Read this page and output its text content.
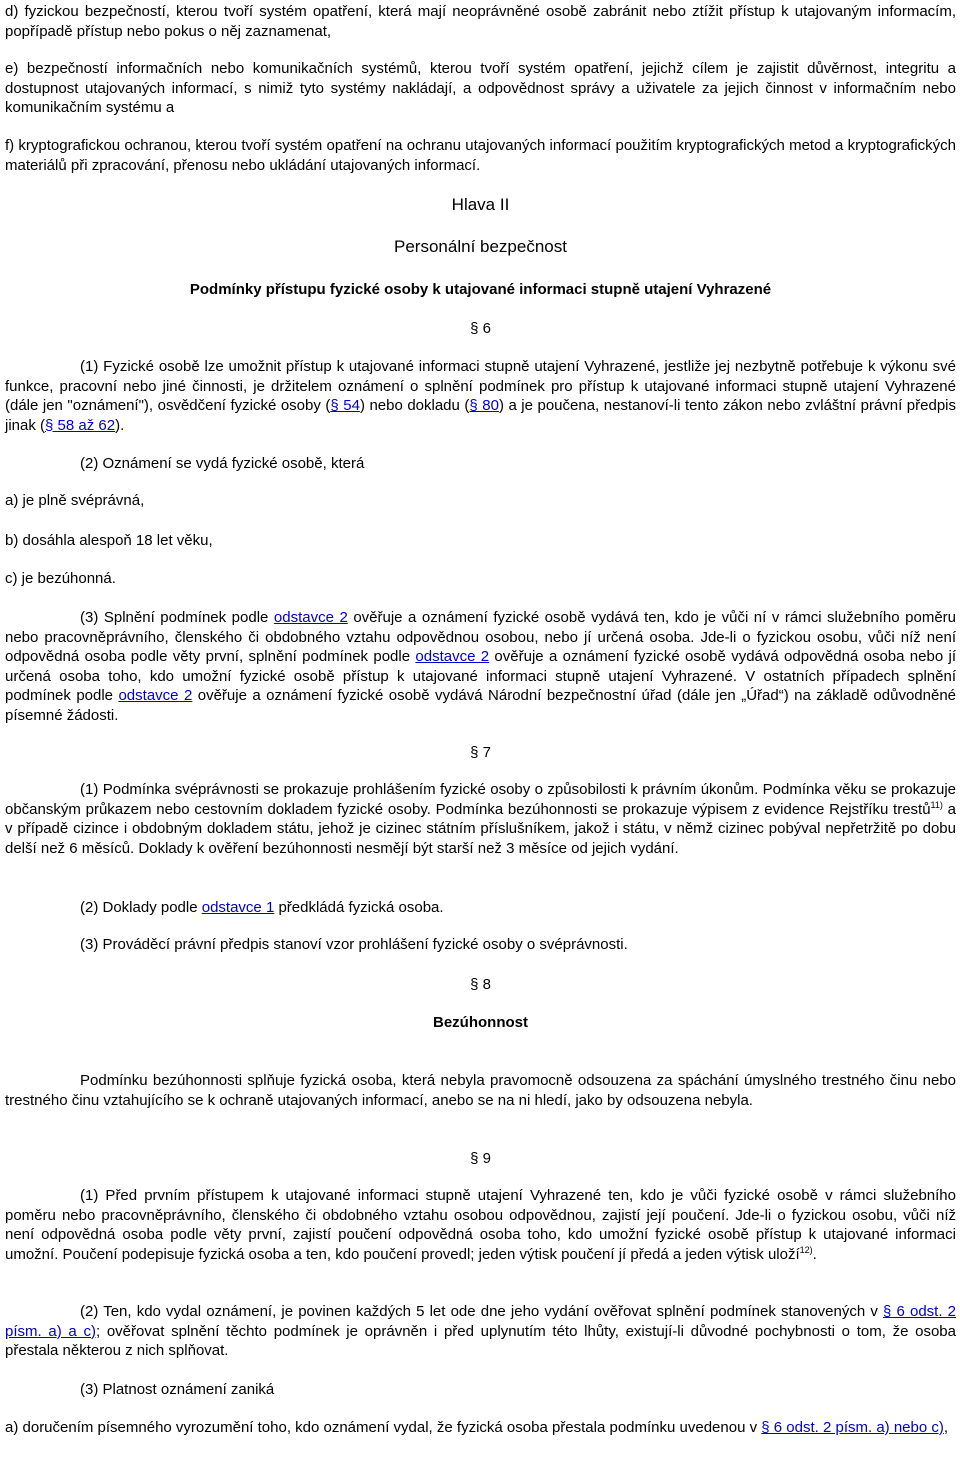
d) fyzickou bezpečností, kterou tvoří systém opatření, která mají neoprávněné osobě zabránit nebo ztížit přístup k utajovaným informacím, popřípadě přístup nebo pokus o něj zaznamenat,

e) bezpečností informačních nebo komunikačních systémů, kterou tvoří systém opatření, jejichž cílem je zajistit důvěrnost, integritu a dostupnost utajovaných informací, s nimiž tyto systémy nakládají, a odpovědnost správy a uživatele za jejich činnost v informačním nebo komunikačním systému a

f) kryptografickou ochranou, kterou tvoří systém opatření na ochranu utajovaných informací použitím kryptografických metod a kryptografických materiálů při zpracování, přenosu nebo ukládání utajovaných informací.

Hlava II

Personální bezpečnost

Podmínky přístupu fyzické osoby k utajované informaci stupně utajení Vyhrazené

§ 6

(1) Fyzické osobě lze umožnit přístup k utajované informaci stupně utajení Vyhrazené, jestliže jej nezbytně potřebuje k výkonu své funkce, pracovní nebo jiné činnosti, je držitelem oznámení o splnění podmínek pro přístup k utajované informaci stupně utajení Vyhrazené (dále jen "oznámení"), osvědčení fyzické osoby (§ 54) nebo dokladu (§ 80) a je poučena, nestanoví-li tento zákon nebo zvláštní právní předpis jinak (§ 58 až 62).

(2) Oznámení se vydá fyzické osobě, která

a) je plně svéprávná,

b) dosáhla alespoň 18 let věku,

c) je bezúhonná.

(3) Splnění podmínek podle odstavce 2 ověřuje a oznámení fyzické osobě vydává ten, kdo je vůči ní v rámci služebního poměru nebo pracovněprávního, členského či obdobného vztahu odpovědnou osobou, nebo jí určená osoba. Jde-li o fyzickou osobu, vůči níž není odpovědná osoba podle věty první, splnění podmínek podle odstavce 2 ověřuje a oznámení fyzické osobě vydává odpovědná osoba nebo jí určená osoba toho, kdo umožní fyzické osobě přístup k utajované informaci stupně utajení Vyhrazené. V ostatních případech splnění podmínek podle odstavce 2 ověřuje a oznámení fyzické osobě vydává Národní bezpečnostní úřad (dále jen „Úřad“) na základě odůvodněné písemné žádosti.

§ 7

(1) Podmínka svéprávnosti se prokazuje prohlášením fyzické osoby o způsobilosti k právním úkonům. Podmínka věku se prokazuje občanským průkazem nebo cestovním dokladem fyzické osoby. Podmínka bezúhonnosti se prokazuje výpisem z evidence Rejstříku trestů$^{11)}$ a v případě cizince i obdobným dokladem státu, jehož je cizinec státním příslušníkem, jakož i státu, v němž cizinec pobýval nepřetržitě po dobu delší než 6 měsíců. Doklady k ověření bezúhonnosti nesmějí být starší než 3 měsíce od jejich vydání.

(2) Doklady podle odstavce 1 předkládá fyzická osoba.

(3) Prováděcí právní předpis stanoví vzor prohlášení fyzické osoby o svéprávnosti.

§ 8

Bezúhonnost

Podmínku bezúhonnosti splňuje fyzická osoba, která nebyla pravomocně odsouzena za spáchání úmyslného trestného činu nebo trestného činu vztahujícího se k ochraně utajovaných informací, anebo se na ni hledí, jako by odsouzena nebyla.

§ 9

(1) Před prvním přístupem k utajované informaci stupně utajení Vyhrazené ten, kdo je vůči fyzické osobě v rámci služebního poměru nebo pracovněprávního, členského či obdobného vztahu osobou odpovědnou, zajistí její poučení. Jde-li o fyzickou osobu, vůči níž není odpovědná osoba podle věty první, zajistí poučení odpovědná osoba toho, kdo umožní fyzické osobě přístup k utajované informaci umožní. Poučení podepisuje fyzická osoba a ten, kdo poučení provedl; jeden výtisk poučení jí předá a jeden výtisk uloží$^{12)}$.

(2) Ten, kdo vydal oznámení, je povinen každých 5 let ode dne jeho vydání ověřovat splnění podmínek stanovených v § 6 odst. 2 písm. a) a c); ověřovat splnění těchto podmínek je oprávněn i před uplynutím této lhůty, existují-li důvodné pochybnosti o tom, že osoba přestala některou z nich splňovat.

(3) Platnost oznámení zaniká

a) doručením písemného vyrozumění toho, kdo oznámení vydal, že fyzická osoba přestala podmínku uvedenou v § 6 odst. 2 písm. a) nebo c),
